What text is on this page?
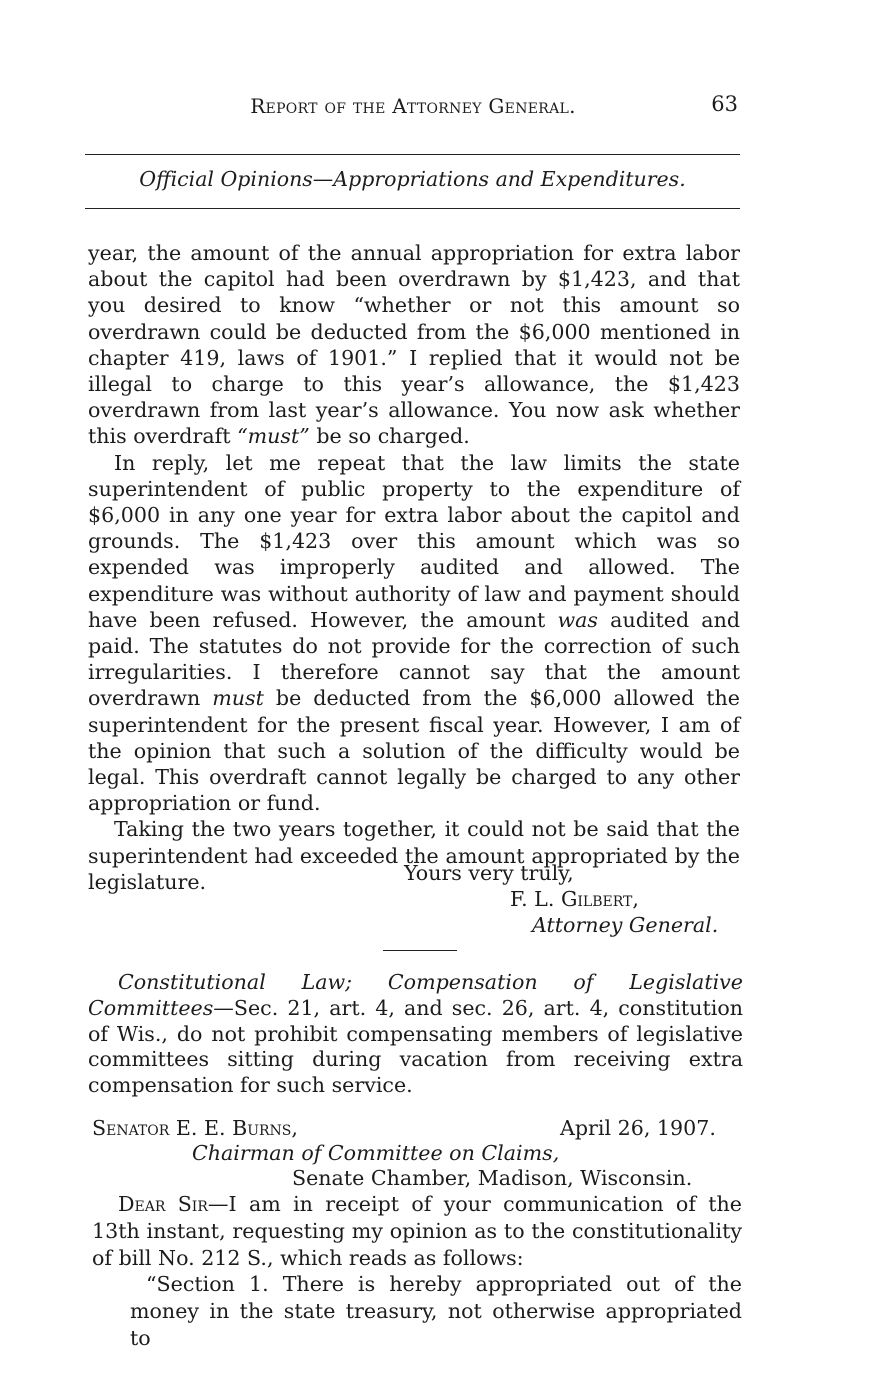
Report of the Attorney General.	63
Official Opinions—Appropriations and Expenditures.

year, the amount of the annual appropriation for extra labor about the capitol had been overdrawn by $1,423, and that you desired to know “whether or not this amount so overdrawn could be deducted from the $6,000 mentioned in chapter 419, laws of 1901.” I replied that it would not be illegal to charge to this year’s allowance, the $1,423 overdrawn from last year’s allowance. You now ask whether this overdraft “must” be so charged.

In reply, let me repeat that the law limits the state superintendent of public property to the expenditure of $6,000 in any one year for extra labor about the capitol and grounds. The $1,423 over this amount which was so expended was improperly audited and allowed. The expenditure was without authority of law and payment should have been refused. However, the amount was audited and paid. The statutes do not provide for the correction of such irregularities. I therefore cannot say that the amount overdrawn must be deducted from the $6,000 allowed the superintendent for the present fiscal year. However, I am of the opinion that such a solution of the difficulty would be legal. This overdraft cannot legally be charged to any other appropriation or fund.

Taking the two years together, it could not be said that the superintendent had exceeded the amount appropriated by the legislature.	Yours very truly,
F. L. Gilbert,
Attorney General.

Constitutional Law; Compensation of Legislative Committees—Sec. 21, art. 4, and sec. 26, art. 4, constitution of Wis., do not prohibit compensating members of legislative committees sitting during vacation from receiving extra compensation for such service.

Senator E. E. Burns,	April 26, 1907.
Chairman of Committee on Claims,
Senate Chamber, Madison, Wisconsin.

Dear Sir—I am in receipt of your communication of the 13th instant, requesting my opinion as to the constitutionality of bill No. 212 S., which reads as follows:

“Section 1. There is hereby appropriated out of the money in the state treasury, not otherwise appropriated to
